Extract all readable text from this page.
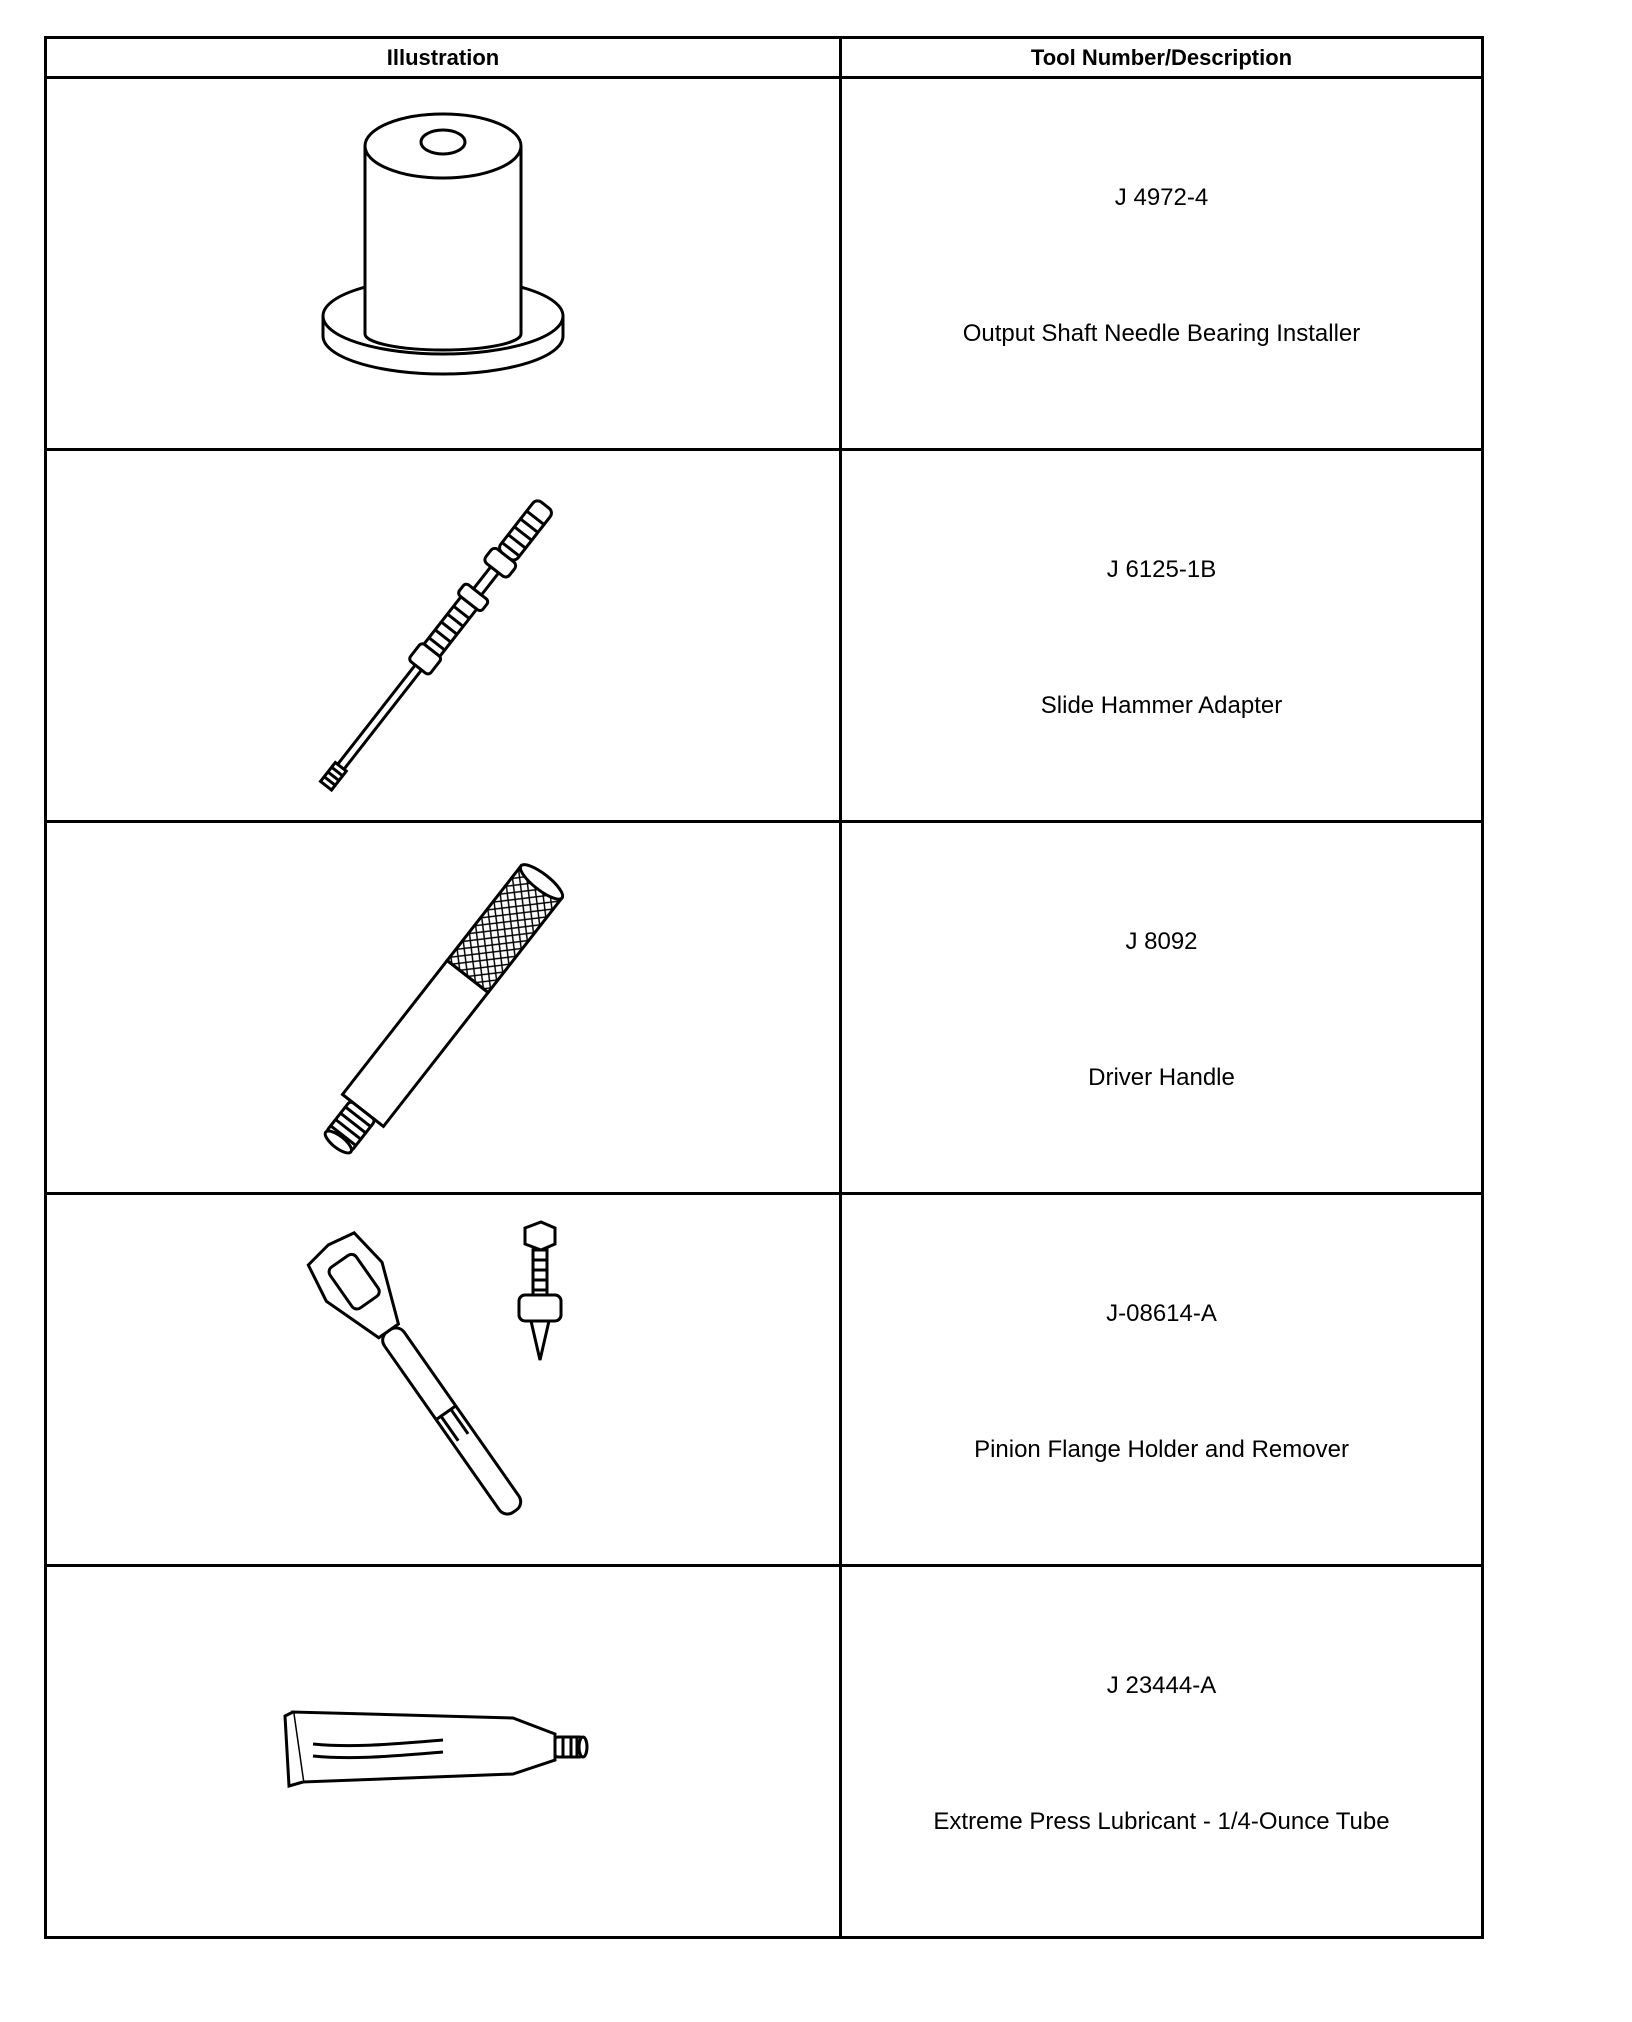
Illustration	Tool Number/Description

J 4972-4
Output Shaft Needle Bearing Installer

J 6125-1B
Slide Hammer Adapter

J 8092
Driver Handle

J-08614-A
Pinion Flange Holder and Remover

J 23444-A
Extreme Press Lubricant - 1/4-Ounce Tube
